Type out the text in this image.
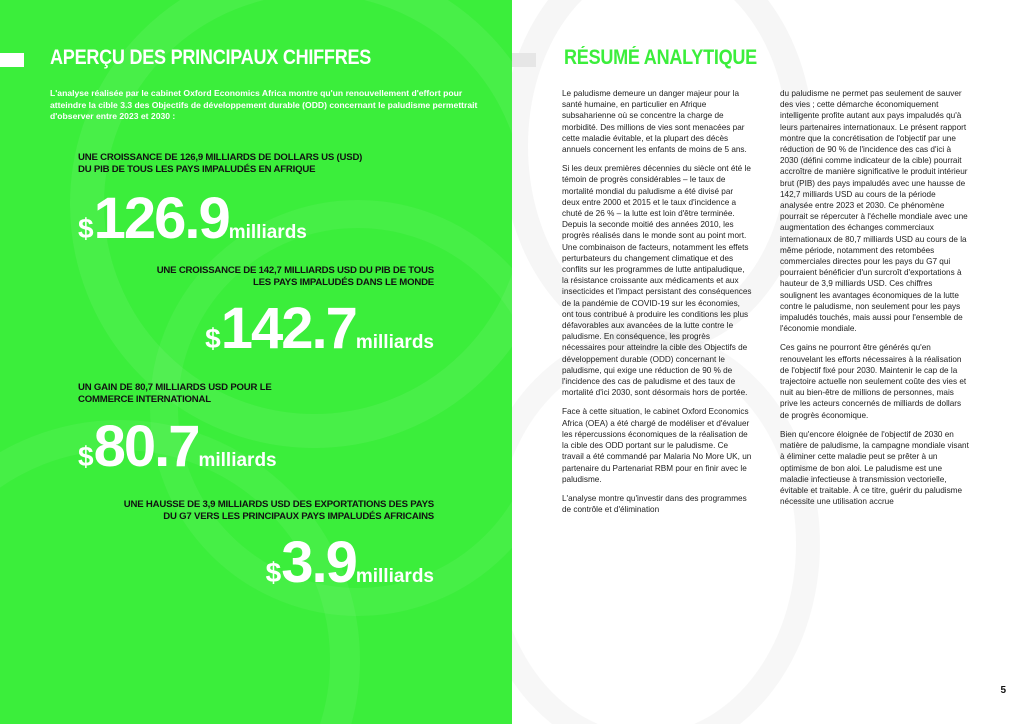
APERÇU DES PRINCIPAUX CHIFFRES
L'analyse réalisée par le cabinet Oxford Economics Africa montre qu'un renouvellement d'effort pour atteindre la cible 3.3 des Objectifs de développement durable (ODD) concernant le paludisme permettrait d'observer entre 2023 et 2030 :
UNE CROISSANCE DE 126,9 MILLIARDS DE DOLLARS US (USD) DU PIB DE TOUS LES PAYS IMPALUDÉS EN AFRIQUE
$126.9milliards
UNE CROISSANCE DE 142,7 MILLIARDS USD DU PIB DE TOUS LES PAYS IMPALUDÉS DANS LE MONDE
$142.7milliards
UN GAIN DE 80,7 MILLIARDS USD POUR LE COMMERCE INTERNATIONAL
$80.7milliards
UNE HAUSSE DE 3,9 MILLIARDS USD DES EXPORTATIONS DES PAYS DU G7 VERS LES PRINCIPAUX PAYS IMPALUDÉS AFRICAINS
$3.9milliards
RÉSUMÉ ANALYTIQUE

Le paludisme demeure un danger majeur pour la santé humaine, en particulier en Afrique subsaharienne où se concentre la charge de morbidité. Des millions de vies sont menacées par cette maladie évitable, et la plupart des décès annuels concernent les enfants de moins de 5 ans.

Si les deux premières décennies du siècle ont été le témoin de progrès considérables – le taux de mortalité mondial du paludisme a été divisé par deux entre 2000 et 2015 et le taux d'incidence a chuté de 26 % – la lutte est loin d'être terminée. Depuis la seconde moitié des années 2010, les progrès réalisés dans le monde sont au point mort. Une combinaison de facteurs, notamment les effets perturbateurs du changement climatique et des conflits sur les programmes de lutte antipaludique, la résistance croissante aux médicaments et aux insecticides et l'impact persistant des conséquences de la pandémie de COVID-19 sur les économies, ont tous contribué à produire les conditions les plus défavorables aux avancées de la lutte contre le paludisme. En conséquence, les progrès nécessaires pour atteindre la cible des Objectifs de développement durable (ODD) concernant le paludisme, qui exige une réduction de 90 % de l'incidence des cas de paludisme et des taux de mortalité d'ici 2030, sont désormais hors de portée.

Face à cette situation, le cabinet Oxford Economics Africa (OEA) a été chargé de modéliser et d'évaluer les répercussions économiques de la réalisation de la cible des ODD portant sur le paludisme. Ce travail a été commandé par Malaria No More UK, un partenaire du Partenariat RBM pour en finir avec le paludisme.

L'analyse montre qu'investir dans des programmes de contrôle et d'élimination

du paludisme ne permet pas seulement de sauver des vies ; cette démarche économiquement intelligente profite autant aux pays impaludés qu'à leurs partenaires internationaux. Le présent rapport montre que la concrétisation de l'objectif par une réduction de 90 % de l'incidence des cas d'ici à 2030 (défini comme indicateur de la cible) pourrait accroître de manière significative le produit intérieur brut (PIB) des pays impaludés avec une hausse de 142,7 milliards USD au cours de la période analysée entre 2023 et 2030. Ce phénomène pourrait se répercuter à l'échelle mondiale avec une augmentation des échanges commerciaux internationaux de 80,7 milliards USD au cours de la même période, notamment des retombées commerciales directes pour les pays du G7 qui pourraient bénéficier d'un surcroît d'exportations à hauteur de 3,9 milliards USD. Ces chiffres soulignent les avantages économiques de la lutte contre le paludisme, non seulement pour les pays impaludés touchés, mais aussi pour l'ensemble de l'économie mondiale.

Ces gains ne pourront être générés qu'en renouvelant les efforts nécessaires à la réalisation de l'objectif fixé pour 2030. Maintenir le cap de la trajectoire actuelle non seulement coûte des vies et nuit au bien-être de millions de personnes, mais prive les acteurs concernés de milliards de dollars de progrès économique.

Bien qu'encore éloignée de l'objectif de 2030 en matière de paludisme, la campagne mondiale visant à éliminer cette maladie peut se prêter à un optimisme de bon aloi. Le paludisme est une maladie infectieuse à transmission vectorielle, évitable et traitable. À ce titre, guérir du paludisme nécessite une utilisation accrue

5
